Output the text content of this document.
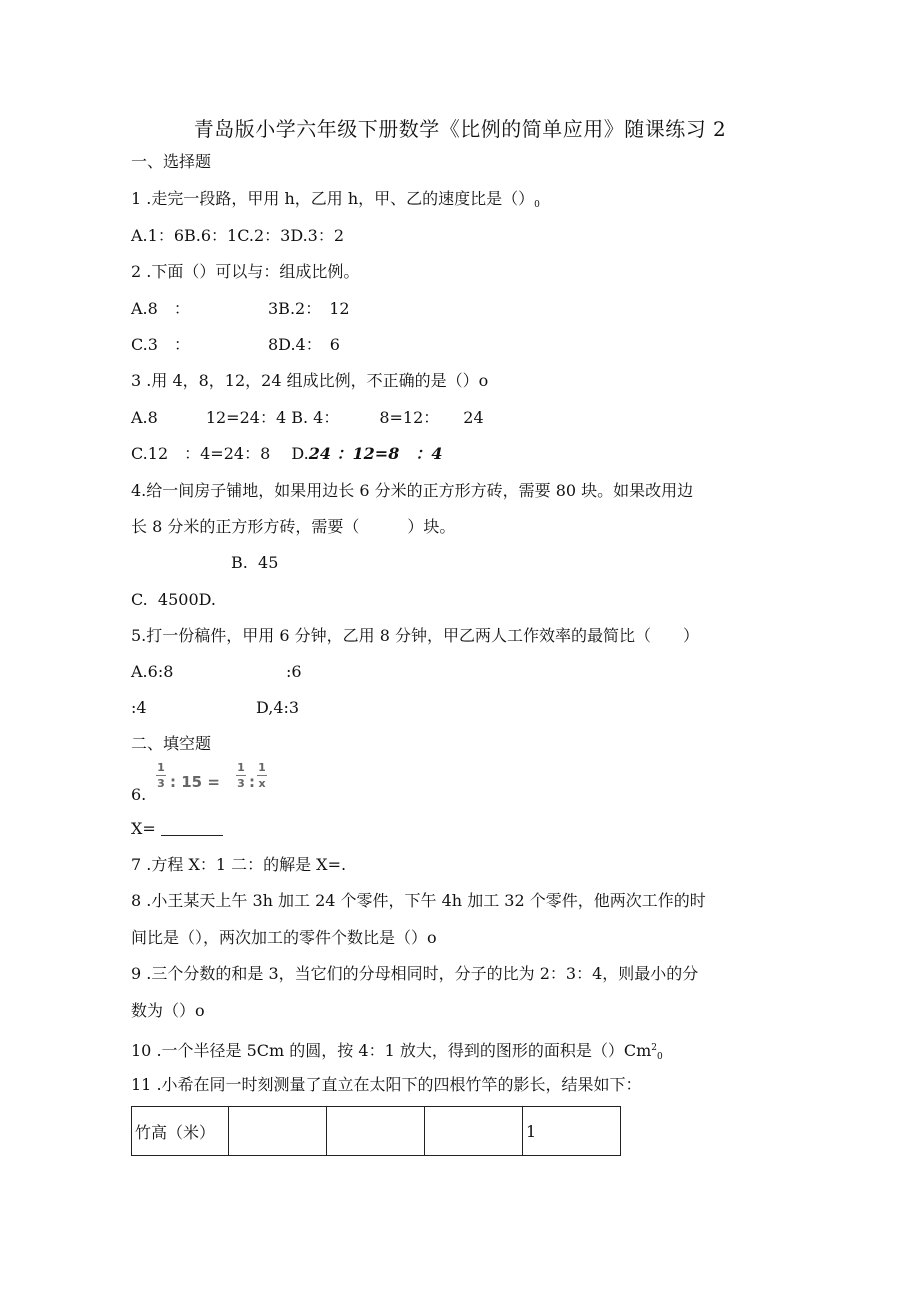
青岛版小学六年级下册数学《比例的简单应用》随课练习 2
一、选择题
1 .走完一段路，甲用 h，乙用 h，甲、乙的速度比是$()_0$
A.1：6B.6：1C.2：3D.3：2
2 .下面（）可以与：组成比例。
A.8　：	3B.2：　12
C.3　：	8D.4：　6
3 .用 4，8，12，24 组成比例，不正确的是（）o
A.8　　　12=24：4 B. 4：　　　8=12：　　24
C.12　：4=24：8　 D.24 ：12=8　：4
4.给一间房子铺地，如果用边长 6 分米的正方形方砖，需要 80 块。如果改用边
长 8 分米的正方形方砖，需要（　　　）块。
B.  45
C.  4500D.
5.打一份稿件，甲用 6 分钟，乙用 8 分钟，甲乙两人工作效率的最简比（　　）
A.6:8	:6
:4	D,4:3
二、填空题
6.
1
3 : 15 =
1
3 :
1
x
X=
7 .方程 X：1 二：的解是 X=.
8 .小王某天上午 3h 加工 24 个零件，下午 4h 加工 32 个零件，他两次工作的时
间比是（），两次加工的零件个数比是（）o
9 .三个分数的和是 3，当它们的分母相同时，分子的比为 2：3：4，则最小的分
数为（）o
10 .一个半径是 5Cm 的圆，按 4：1 放大，得到的图形的面积是$()Cm^2_0$
11 .小希在同一时刻测量了直立在太阳下的四根竹竿的影长，结果如下：
竹高（米）				1
